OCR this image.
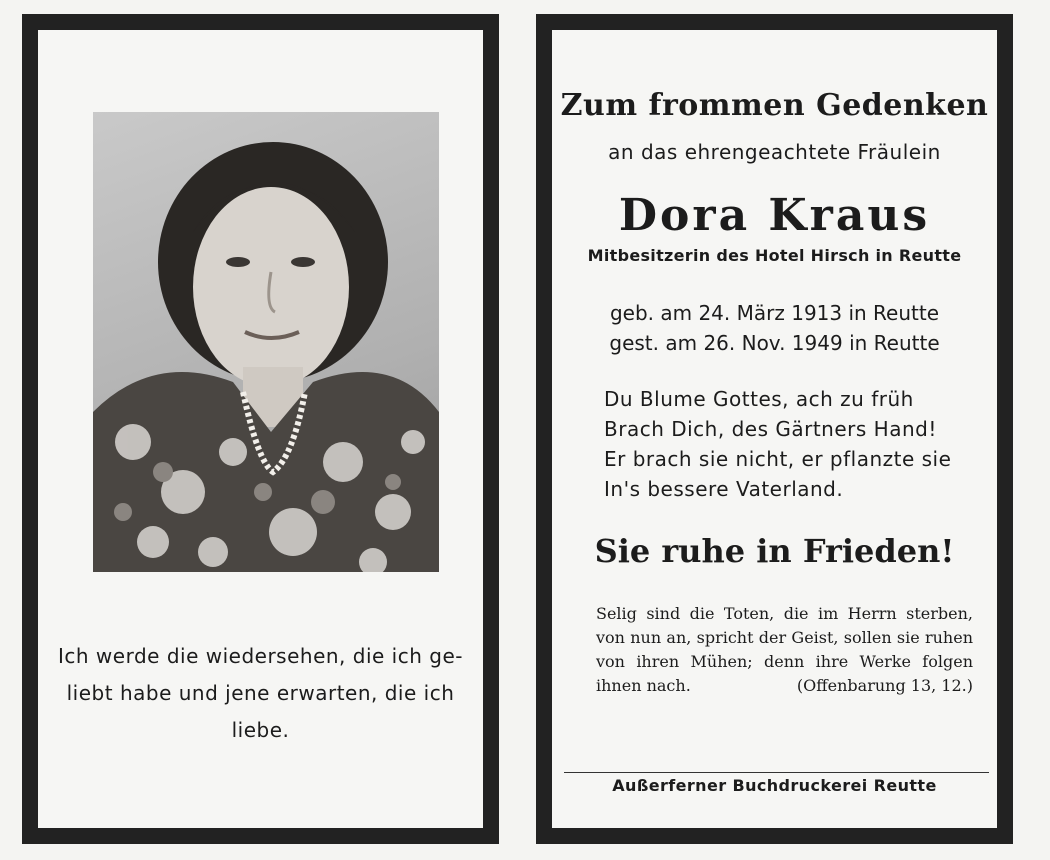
Ich werde die wiedersehen, die ich ge- liebt habe und jene erwarten, die ich liebe.
Zum frommen Gedenken
an das ehrengeachtete Fräulein
Dora Kraus
Mitbesitzerin des Hotel Hirsch in Reutte
geb. am 24. März 1913 in Reutte
gest. am 26. Nov. 1949 in Reutte
Du Blume Gottes, ach zu früh
Brach Dich, des Gärtners Hand!
Er brach sie nicht, er pflanzte sie
In's bessere Vaterland.
Sie ruhe in Frieden!
Selig sind die Toten, die im Herrn sterben, von nun an, spricht der Geist, sollen sie ruhen von ihren Mühen; denn ihre Werke folgen ihnen nach.	(Offenbarung 13, 12.)
Außerferner Buchdruckerei Reutte
